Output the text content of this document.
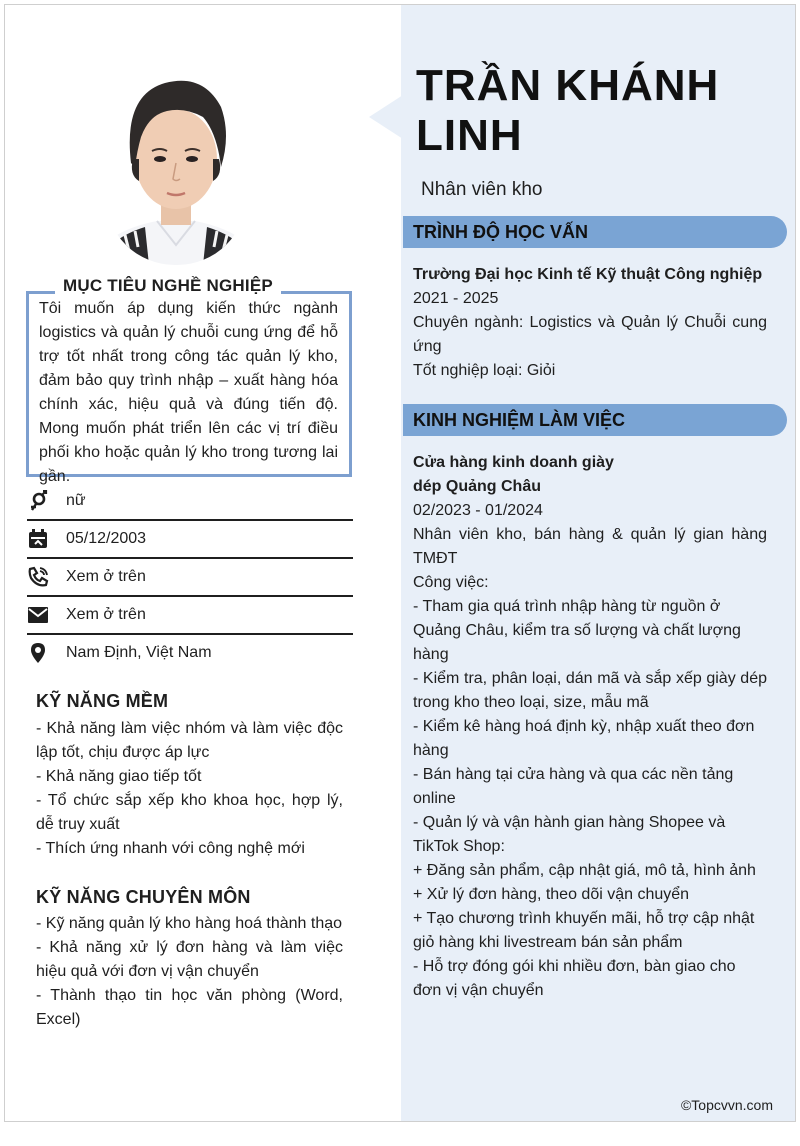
MỤC TIÊU NGHỀ NGHIỆP
Tôi muốn áp dụng kiến thức ngành logistics và quản lý chuỗi cung ứng để hỗ trợ tốt nhất trong công tác quản lý kho, đảm bảo quy trình nhập – xuất hàng hóa chính xác, hiệu quả và đúng tiến độ. Mong muốn phát triển lên các vị trí điều phối kho hoặc quản lý kho trong tương lai gần.
nữ
05/12/2003
Xem ở trên
Xem ở trên
Nam Định, Việt Nam
KỸ NĂNG MỀM
- Khả năng làm việc nhóm và làm việc độc lập tốt, chịu được áp lực
- Khả năng giao tiếp tốt
- Tổ chức sắp xếp kho khoa học, hợp lý, dễ truy xuất
- Thích ứng nhanh với công nghệ mới
KỸ NĂNG CHUYÊN MÔN
- Kỹ năng quản lý kho hàng hoá thành thạo
- Khả năng xử lý đơn hàng và làm việc hiệu quả với đơn vị vận chuyển
- Thành thạo tin học văn phòng (Word, Excel)
TRẦN KHÁNH LINH
Nhân viên kho
TRÌNH ĐỘ HỌC VẤN
Trường Đại học Kinh tế Kỹ thuật Công nghiệp
2021 - 2025
Chuyên ngành: Logistics và Quản lý Chuỗi cung ứng
Tốt nghiệp loại: Giỏi
KINH NGHIỆM LÀM VIỆC
Cửa hàng kinh doanh giày dép Quảng Châu
02/2023 - 01/2024
Nhân viên kho, bán hàng & quản lý gian hàng TMĐT
Công việc:
- Tham gia quá trình nhập hàng từ nguồn ở Quảng Châu, kiểm tra số lượng và chất lượng hàng
- Kiểm tra, phân loại, dán mã và sắp xếp giày dép trong kho theo loại, size, mẫu mã
- Kiểm kê hàng hoá định kỳ, nhập xuất theo đơn hàng
- Bán hàng tại cửa hàng và qua các nền tảng online
- Quản lý và vận hành gian hàng Shopee và TikTok Shop:
+ Đăng sản phẩm, cập nhật giá, mô tả, hình ảnh
+ Xử lý đơn hàng, theo dõi vận chuyển
+ Tạo chương trình khuyến mãi, hỗ trợ cập nhật giỏ hàng khi livestream bán sản phẩm
- Hỗ trợ đóng gói khi nhiều đơn, bàn giao cho đơn vị vận chuyển
©Topcvvn.com
